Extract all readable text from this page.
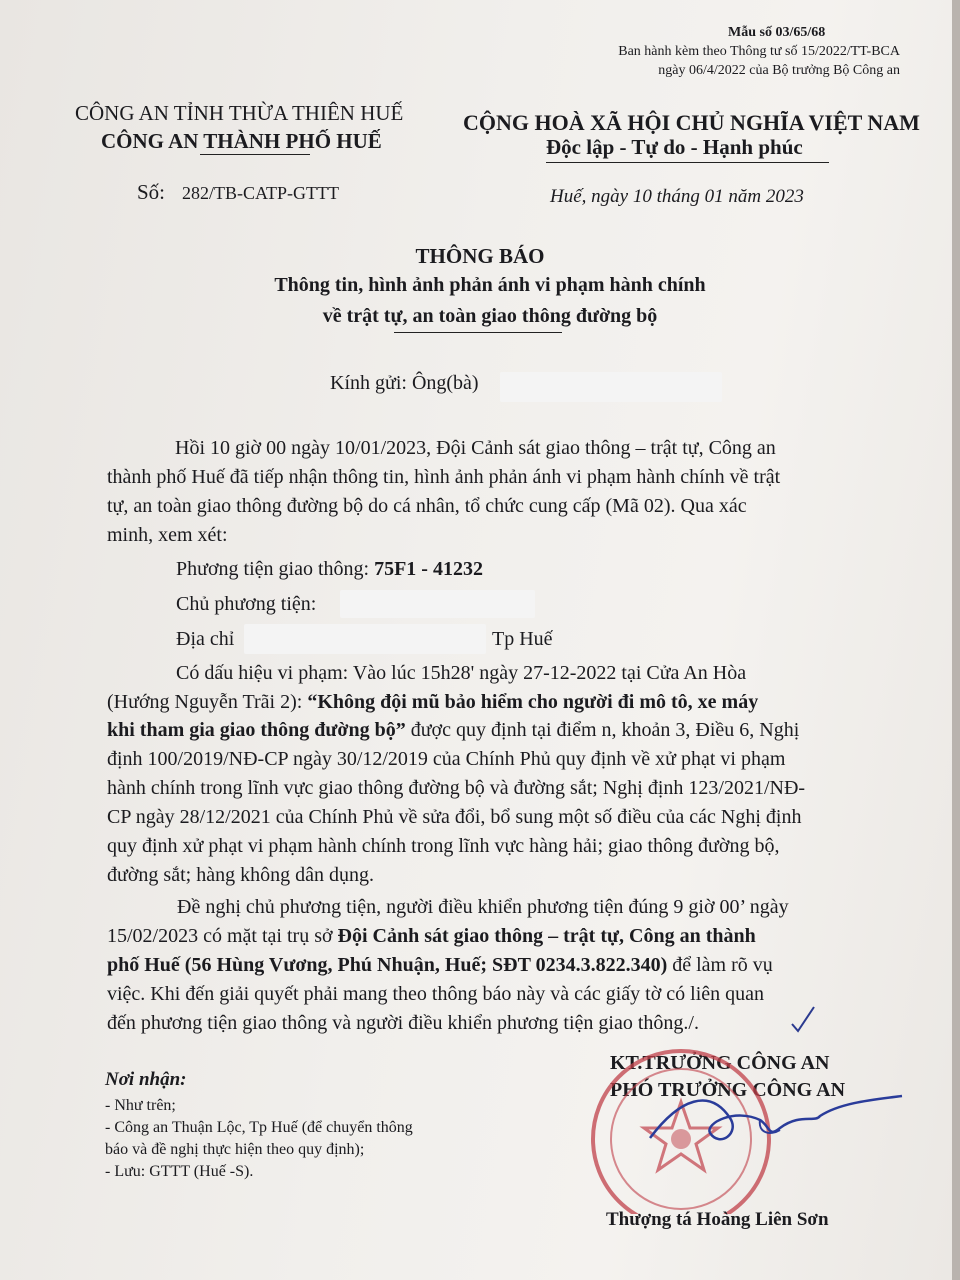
Mẫu số 03/65/68
Ban hành kèm theo Thông tư số 15/2022/TT-BCA
ngày 06/4/2022 của Bộ trưởng Bộ Công an
CÔNG AN TỈNH THỪA THIÊN HUẾ
CÔNG AN THÀNH PHỐ HUẾ
CỘNG HOÀ XÃ HỘI CHỦ NGHĨA VIỆT NAM
Độc lập - Tự do - Hạnh phúc
Số: 282/TB-CATP-GTTT	Huế, ngày 10 tháng 01 năm 2023
THÔNG BÁO
Thông tin, hình ảnh phản ánh vi phạm hành chính
về trật tự, an toàn giao thông đường bộ
Kính gửi: Ông(bà)
Hồi 10 giờ 00 ngày 10/01/2023, Đội Cảnh sát giao thông – trật tự, Công an
thành phố Huế đã tiếp nhận thông tin, hình ảnh phản ánh vi phạm hành chính về trật
tự, an toàn giao thông đường bộ do cá nhân, tổ chức cung cấp (Mã 02). Qua xác
minh, xem xét:
Phương tiện giao thông: 75F1 - 41232
Chủ phương tiện:
Địa chỉ	Tp Huế
Có dấu hiệu vi phạm: Vào lúc 15h28' ngày 27-12-2022 tại Cửa An Hòa
(Hướng Nguyễn Trãi 2): “Không đội mũ bảo hiểm cho người đi mô tô, xe máy
khi tham gia giao thông đường bộ” được quy định tại điểm n, khoản 3, Điều 6, Nghị
định 100/2019/NĐ-CP ngày 30/12/2019 của Chính Phủ quy định về xử phạt vi phạm
hành chính trong lĩnh vực giao thông đường bộ và đường sắt; Nghị định 123/2021/NĐ-
CP ngày 28/12/2021 của Chính Phủ về sửa đổi, bổ sung một số điều của các Nghị định
quy định xử phạt vi phạm hành chính trong lĩnh vực hàng hải; giao thông đường bộ,
đường sắt; hàng không dân dụng.
Đề nghị chủ phương tiện, người điều khiển phương tiện đúng 9 giờ 00’ ngày
15/02/2023 có mặt tại trụ sở Đội Cảnh sát giao thông – trật tự, Công an thành
phố Huế (56 Hùng Vương, Phú Nhuận, Huế; SĐT 0234.3.822.340) để làm rõ vụ
việc. Khi đến giải quyết phải mang theo thông báo này và các giấy tờ có liên quan
đến phương tiện giao thông và người điều khiển phương tiện giao thông./.
Nơi nhận:
- Như trên;
- Công an Thuận Lộc, Tp Huế (để chuyển thông
báo và đề nghị thực hiện theo quy định);
- Lưu: GTTT (Huế -S).
KT.TRƯỞNG CÔNG AN
PHÓ TRƯỞNG CÔNG AN
Thượng tá Hoàng Liên Sơn
